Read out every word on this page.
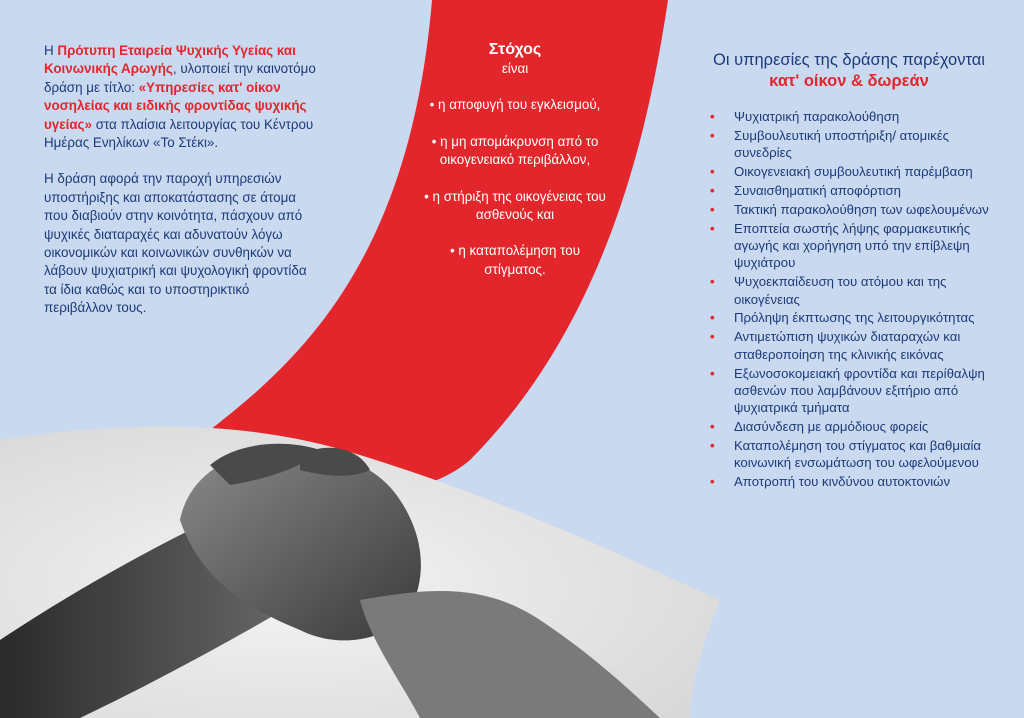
Η Πρότυπη Εταιρεία Ψυχικής Υγείας και Κοινωνικής Αρωγής, υλοποιεί την καινοτόμο δράση με τίτλο: «Υπηρεσίες κατ' οίκον νοσηλείας και ειδικής φροντίδας ψυχικής υγείας» στα πλαίσια λειτουργίας του Κέντρου Ημέρας Ενηλίκων «Το Στέκι».

Η δράση αφορά την παροχή υπηρεσιών υποστήριξης και αποκατάστασης σε άτομα που διαβιούν στην κοινότητα, πάσχουν από ψυχικές διαταραχές και αδυνατούν λόγω οικονομικών και κοινωνικών συνθηκών να λάβουν ψυχιατρική και ψυχολογική φροντίδα τα ίδια καθώς και το υποστηρικτικό περιβάλλον τους.

Στόχος
είναι
• η αποφυγή του εγκλεισμού,
• η μη απομάκρυνση από το οικογενειακό περιβάλλον,
• η στήριξη της οικογένειας του ασθενούς και
• η καταπολέμηση του στίγματος.
Οι υπηρεσίες της δράσης παρέχονται
κατ' οίκον & δωρεάν
• Ψυχιατρική παρακολούθηση
• Συμβουλευτική υποστήριξη/ ατομικές συνεδρίες
• Οικογενειακή συμβουλευτική παρέμβαση
• Συναισθηματική αποφόρτιση
• Τακτική παρακολούθηση των ωφελουμένων
• Εποπτεία σωστής λήψης φαρμακευτικής αγωγής και χορήγηση υπό την επίβλεψη ψυχιάτρου
• Ψυχοεκπαίδευση του ατόμου και της οικογένειας
• Πρόληψη έκπτωσης της λειτουργικότητας
• Αντιμετώπιση ψυχικών διαταραχών και σταθεροποίηση της κλινικής εικόνας
• Εξωνοσοκομειακή φροντίδα και περίθαλψη ασθενών που λαμβάνουν εξιτήριο από ψυχιατρικά τμήματα
• Διασύνδεση με αρμόδιους φορείς
• Καταπολέμηση του στίγματος και βαθμιαία κοινωνική ενσωμάτωση του ωφελούμενου
• Αποτροπή του κινδύνου αυτοκτονιών
